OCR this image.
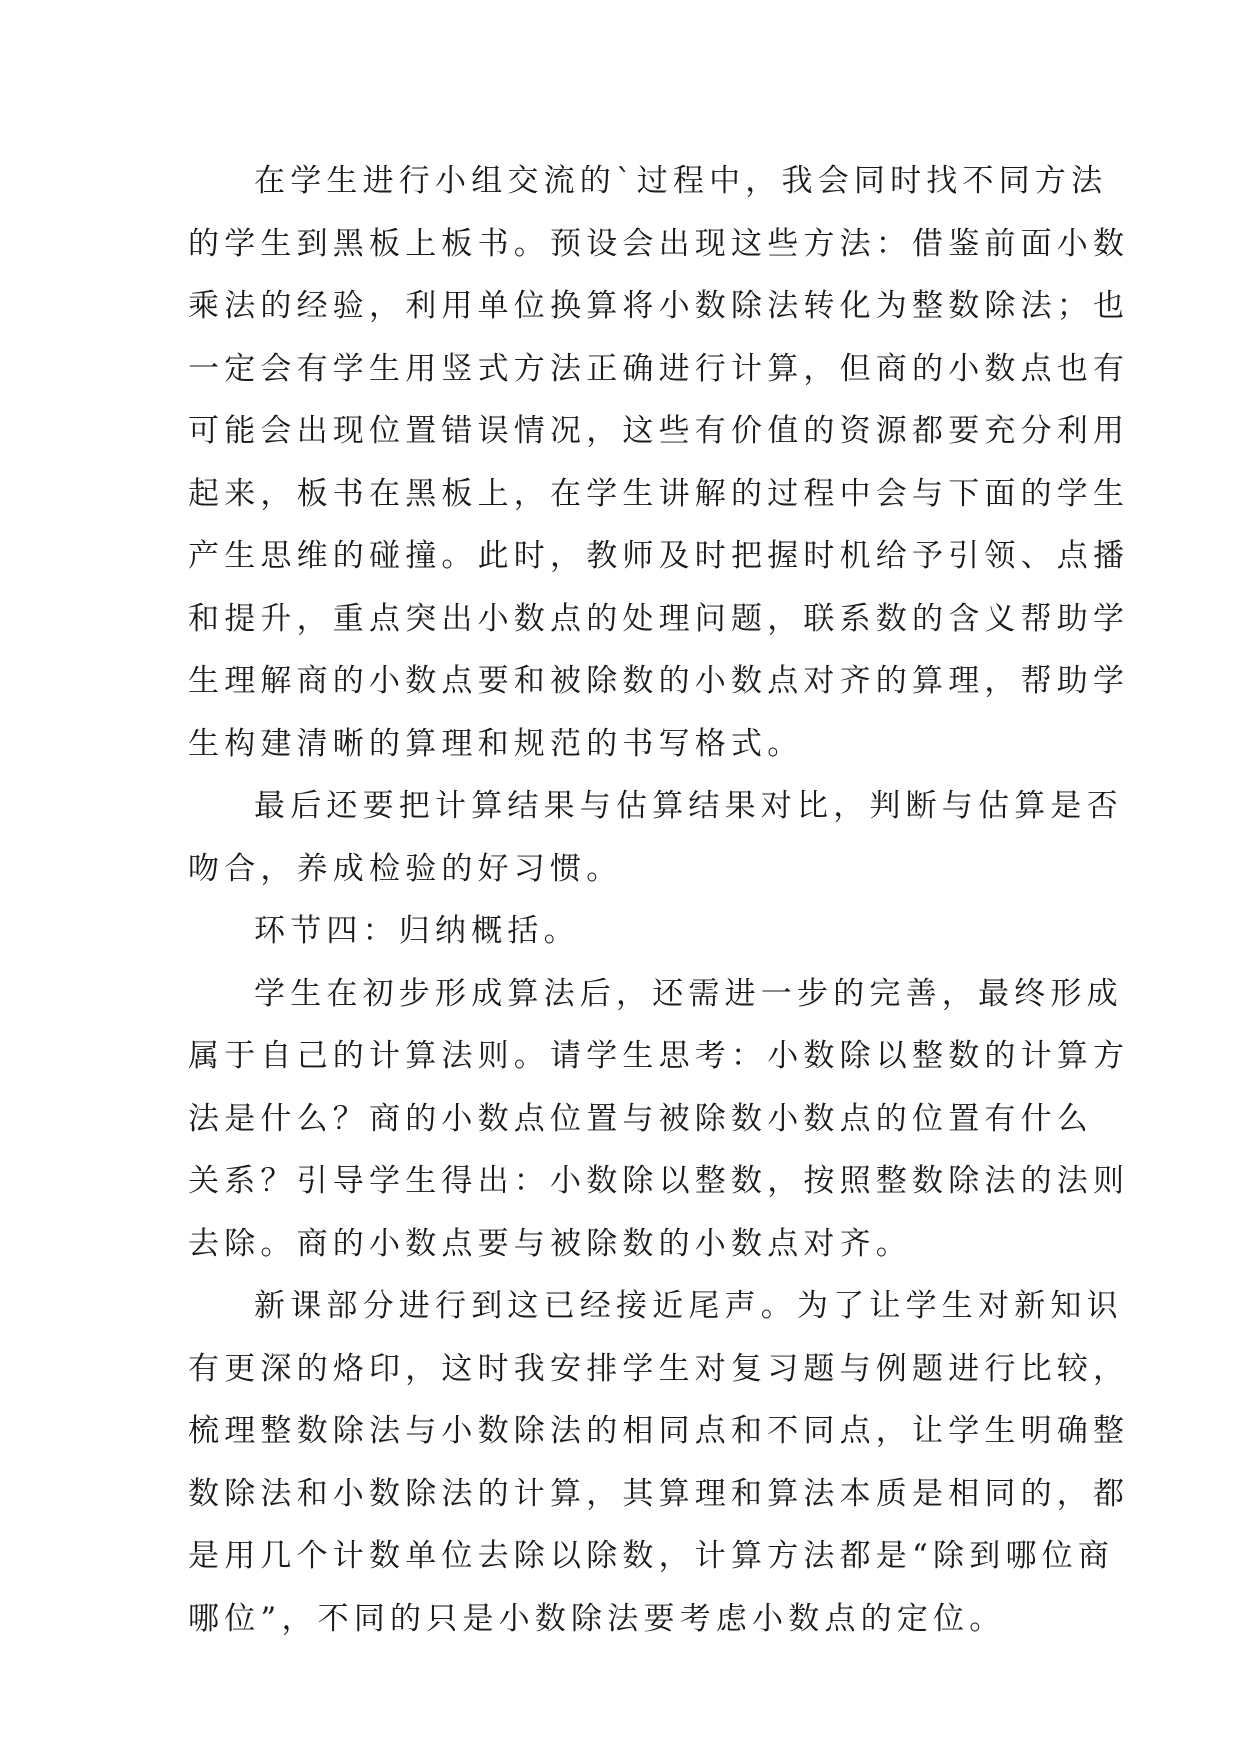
在学生进行小组交流的`过程中，我会同时找不同方法
的学生到黑板上板书。预设会出现这些方法：借鉴前面小数
乘法的经验，利用单位换算将小数除法转化为整数除法；也
一定会有学生用竖式方法正确进行计算，但商的小数点也有
可能会出现位置错误情况，这些有价值的资源都要充分利用
起来，板书在黑板上，在学生讲解的过程中会与下面的学生
产生思维的碰撞。此时，教师及时把握时机给予引领、点播
和提升，重点突出小数点的处理问题，联系数的含义帮助学
生理解商的小数点要和被除数的小数点对齐的算理，帮助学
生构建清晰的算理和规范的书写格式。
最后还要把计算结果与估算结果对比，判断与估算是否
吻合，养成检验的好习惯。
环节四：归纳概括。
学生在初步形成算法后，还需进一步的完善，最终形成
属于自己的计算法则。请学生思考：小数除以整数的计算方
法是什么？商的小数点位置与被除数小数点的位置有什么
关系？引导学生得出：小数除以整数，按照整数除法的法则
去除。商的小数点要与被除数的小数点对齐。
新课部分进行到这已经接近尾声。为了让学生对新知识
有更深的烙印，这时我安排学生对复习题与例题进行比较，
梳理整数除法与小数除法的相同点和不同点，让学生明确整
数除法和小数除法的计算，其算理和算法本质是相同的，都
是用几个计数单位去除以除数，计算方法都是“除到哪位商
哪位”，不同的只是小数除法要考虑小数点的定位。
